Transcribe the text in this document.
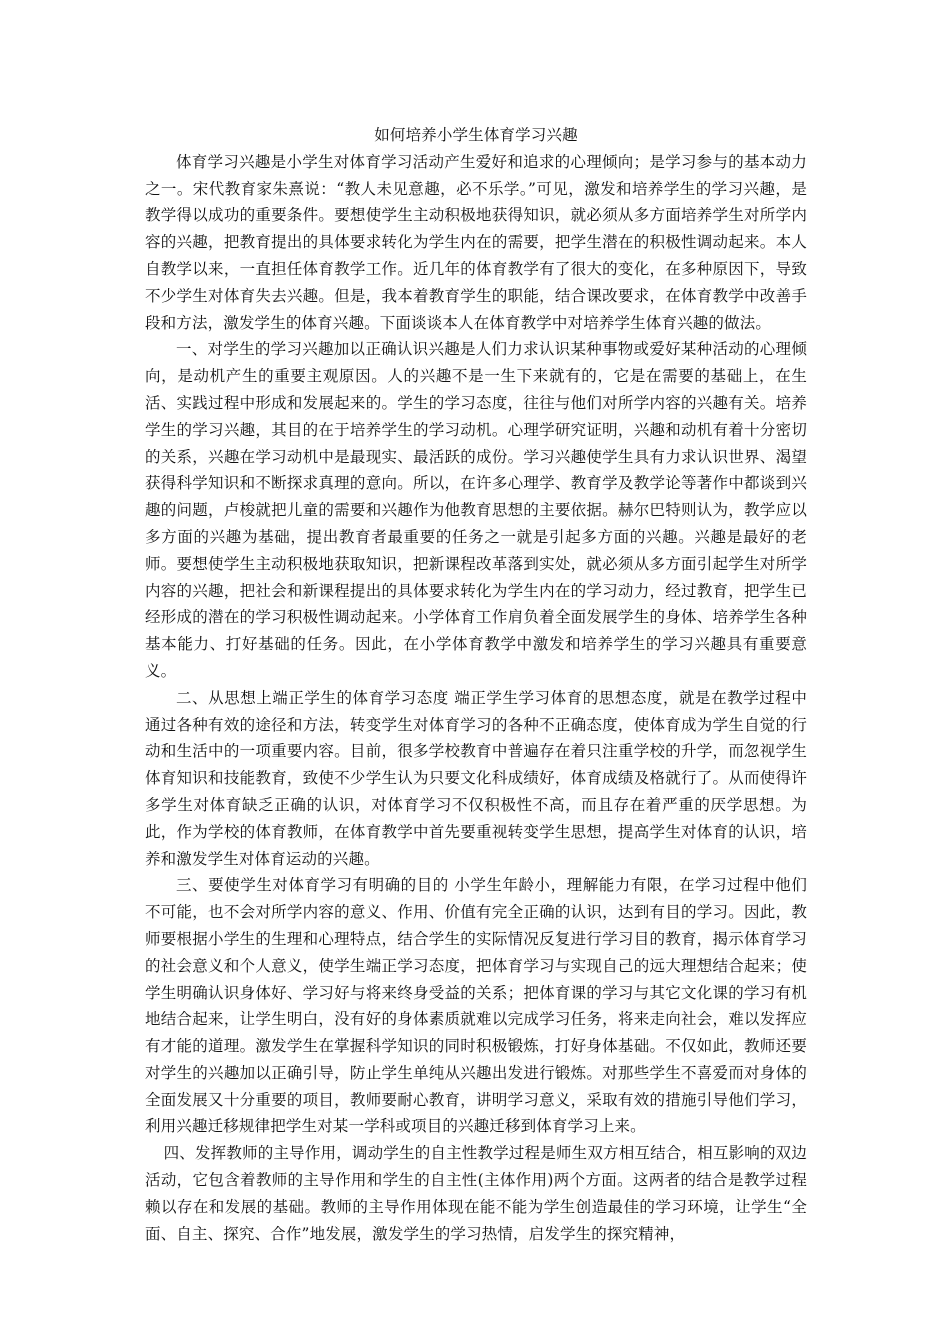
如何培养小学生体育学习兴趣

体育学习兴趣是小学生对体育学习活动产生爱好和追求的心理倾向；是学习参与的基本动力之一。宋代教育家朱熹说：“教人未见意趣，必不乐学。”可见，激发和培养学生的学习兴趣，是教学得以成功的重要条件。要想使学生主动积极地获得知识，就必须从多方面培养学生对所学内容的兴趣，把教育提出的具体要求转化为学生内在的需要，把学生潜在的积极性调动起来。本人自教学以来，一直担任体育教学工作。近几年的体育教学有了很大的变化，在多种原因下，导致不少学生对体育失去兴趣。但是，我本着教育学生的职能，结合课改要求，在体育教学中改善手段和方法，激发学生的体育兴趣。下面谈谈本人在体育教学中对培养学生体育兴趣的做法。

一、对学生的学习兴趣加以正确认识兴趣是人们力求认识某种事物或爱好某种活动的心理倾向，是动机产生的重要主观原因。人的兴趣不是一生下来就有的，它是在需要的基础上，在生活、实践过程中形成和发展起来的。学生的学习态度，往往与他们对所学内容的兴趣有关。培养学生的学习兴趣，其目的在于培养学生的学习动机。心理学研究证明，兴趣和动机有着十分密切的关系，兴趣在学习动机中是最现实、最活跃的成份。学习兴趣使学生具有力求认识世界、渴望获得科学知识和不断探求真理的意向。所以，在许多心理学、教育学及教学论等著作中都谈到兴趣的问题，卢梭就把儿童的需要和兴趣作为他教育思想的主要依据。赫尔巴特则认为，教学应以多方面的兴趣为基础，提出教育者最重要的任务之一就是引起多方面的兴趣。兴趣是最好的老师。要想使学生主动积极地获取知识，把新课程改革落到实处，就必须从多方面引起学生对所学内容的兴趣，把社会和新课程提出的具体要求转化为学生内在的学习动力，经过教育，把学生已经形成的潜在的学习积极性调动起来。小学体育工作肩负着全面发展学生的身体、培养学生各种基本能力、打好基础的任务。因此，在小学体育教学中激发和培养学生的学习兴趣具有重要意义。

二、从思想上端正学生的体育学习态度 端正学生学习体育的思想态度，就是在教学过程中通过各种有效的途径和方法，转变学生对体育学习的各种不正确态度，使体育成为学生自觉的行动和生活中的一项重要内容。目前，很多学校教育中普遍存在着只注重学校的升学，而忽视学生体育知识和技能教育，致使不少学生认为只要文化科成绩好，体育成绩及格就行了。从而使得许多学生对体育缺乏正确的认识，对体育学习不仅积极性不高，而且存在着严重的厌学思想。为此，作为学校的体育教师，在体育教学中首先要重视转变学生思想，提高学生对体育的认识，培养和激发学生对体育运动的兴趣。

三、要使学生对体育学习有明确的目的 小学生年龄小，理解能力有限，在学习过程中他们不可能，也不会对所学内容的意义、作用、价值有完全正确的认识，达到有目的学习。因此，教师要根据小学生的生理和心理特点，结合学生的实际情况反复进行学习目的教育，揭示体育学习的社会意义和个人意义，使学生端正学习态度，把体育学习与实现自己的远大理想结合起来；使学生明确认识身体好、学习好与将来终身受益的关系；把体育课的学习与其它文化课的学习有机地结合起来，让学生明白，没有好的身体素质就难以完成学习任务，将来走向社会，难以发挥应有才能的道理。激发学生在掌握科学知识的同时积极锻炼，打好身体基础。不仅如此，教师还要对学生的兴趣加以正确引导，防止学生单纯从兴趣出发进行锻炼。对那些学生不喜爱而对身体的全面发展又十分重要的项目，教师要耐心教育，讲明学习意义，采取有效的措施引导他们学习，利用兴趣迁移规律把学生对某一学科或项目的兴趣迁移到体育学习上来。

四、发挥教师的主导作用，调动学生的自主性教学过程是师生双方相互结合，相互影响的双边活动，它包含着教师的主导作用和学生的自主性(主体作用)两个方面。这两者的结合是教学过程赖以存在和发展的基础。教师的主导作用体现在能不能为学生创造最佳的学习环境，让学生“全面、自主、探究、合作”地发展，激发学生的学习热情，启发学生的探究精神，
